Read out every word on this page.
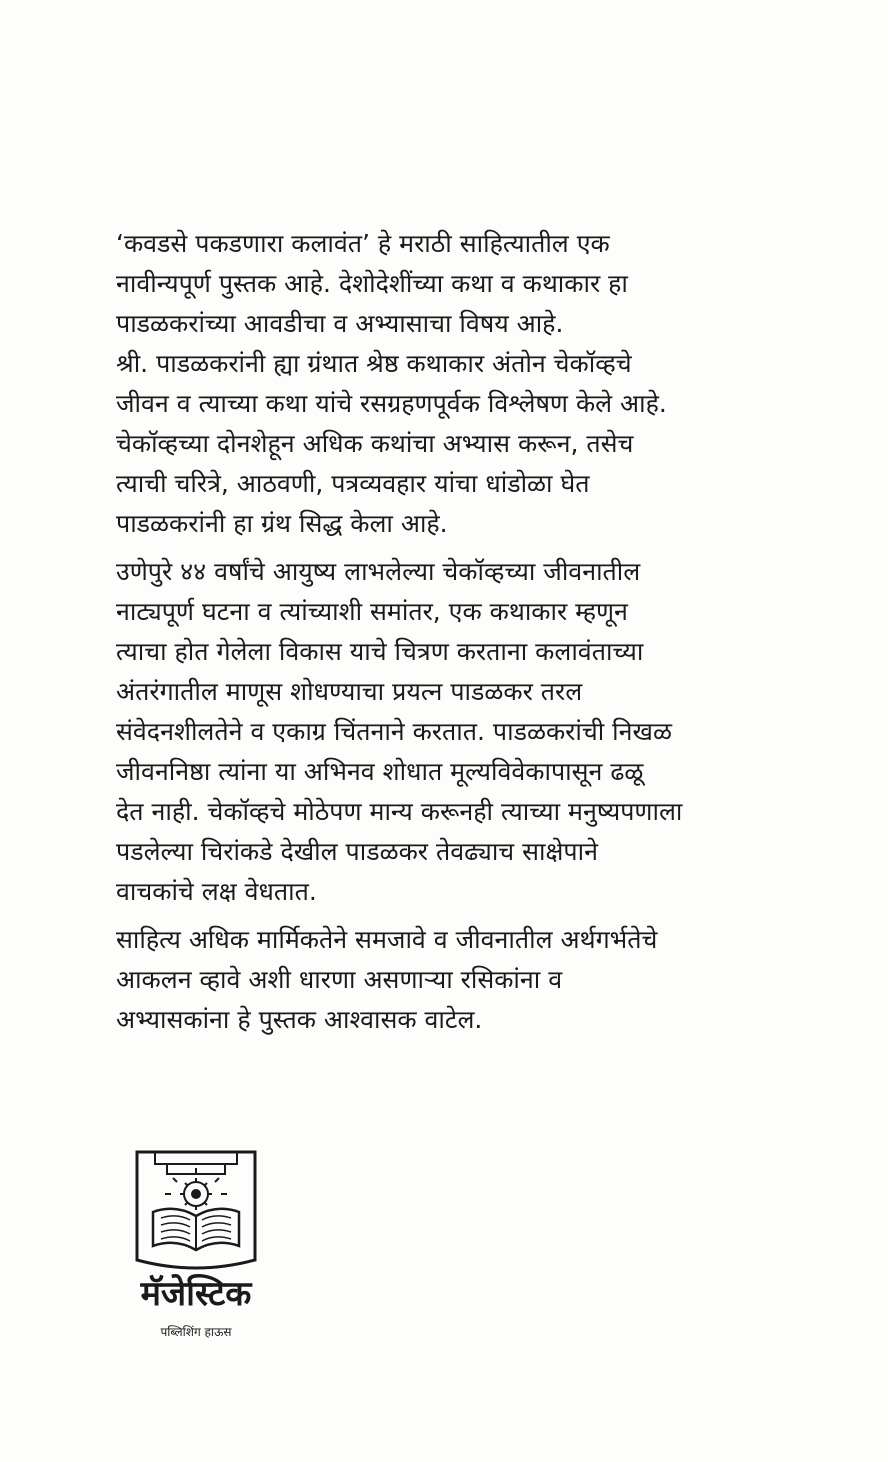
‘कवडसे पकडणारा कलावंत’ हे मराठी साहित्यातील एक
नावीन्यपूर्ण पुस्तक आहे. देशोदेशींच्या कथा व कथाकार हा
पाडळकरांच्या आवडीचा व अभ्यासाचा विषय आहे.
श्री. पाडळकरांनी ह्या ग्रंथात श्रेष्ठ कथाकार अंतोन चेकॉव्हचे
जीवन व त्याच्या कथा यांचे रसग्रहणपूर्वक विश्लेषण केले आहे.
चेकॉव्हच्या दोनशेहून अधिक कथांचा अभ्यास करून, तसेच
त्याची चरित्रे, आठवणी, पत्रव्यवहार यांचा धांडोळा घेत
पाडळकरांनी हा ग्रंथ सिद्ध केला आहे.
उणेपुरे ४४ वर्षांचे आयुष्य लाभलेल्या चेकॉव्हच्या जीवनातील
नाट्यपूर्ण घटना व त्यांच्याशी समांतर, एक कथाकार म्हणून
त्याचा होत गेलेला विकास याचे चित्रण करताना कलावंताच्या
अंतरंगातील माणूस शोधण्याचा प्रयत्न पाडळकर तरल
संवेदनशीलतेने व एकाग्र चिंतनाने करतात. पाडळकरांची निखळ
जीवननिष्ठा त्यांना या अभिनव शोधात मूल्यविवेकापासून ढळू
देत नाही. चेकॉव्हचे मोठेपण मान्य करूनही त्याच्या मनुष्यपणाला
पडलेल्या चिरांकडे देखील पाडळकर तेवढ्याच साक्षेपाने
वाचकांचे लक्ष वेधतात.
साहित्य अधिक मार्मिकतेने समजावे व जीवनातील अर्थगर्भतेचे
आकलन व्हावे अशी धारणा असणाऱ्या रसिकांना व
अभ्यासकांना हे पुस्तक आश्वासक वाटेल.
मॅजेस्टिक
पब्लिशिंग हाऊस
